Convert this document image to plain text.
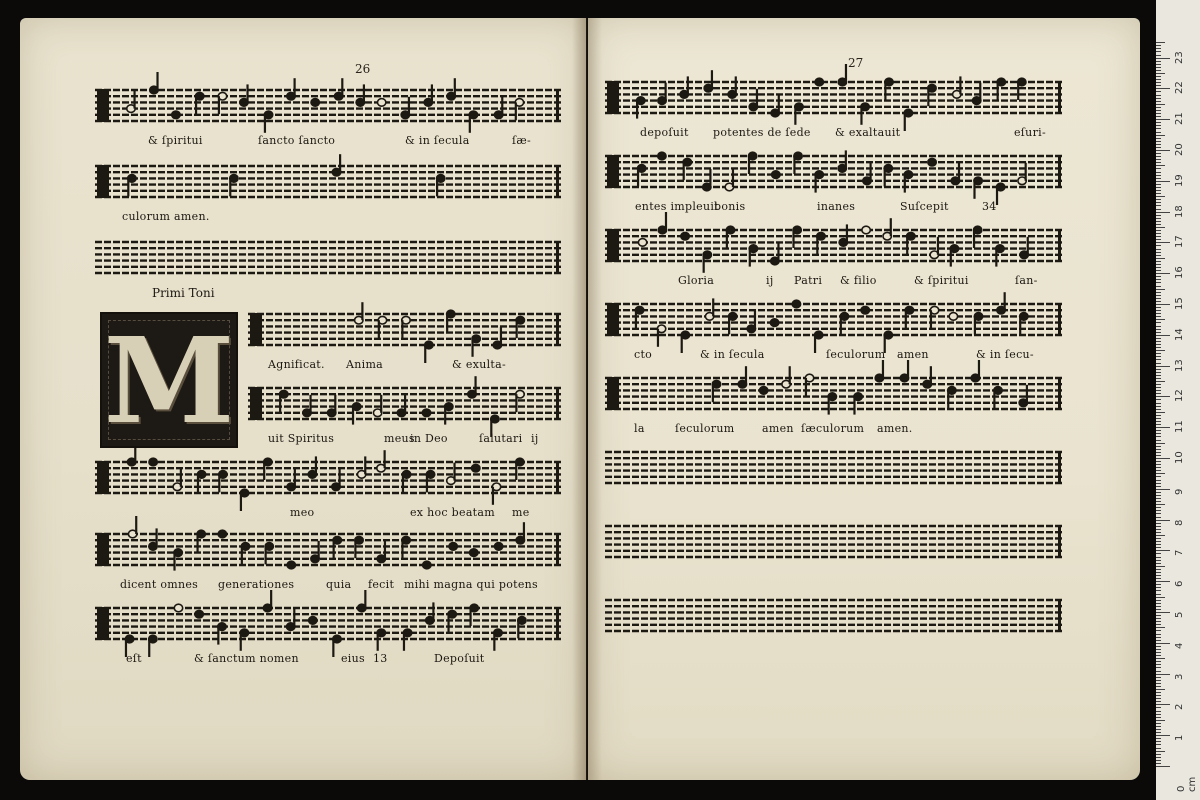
26	27
& ſpiritui	ſancto ſancto	& in ſecula	ſæ-
culorum amen.
Agnificat. Anima	& exulta-
uit Spiritus	meus
in Deo	ſalutari ij
meo	ex hoc beatam me
dicent omnes generationes	quia fecit mihi magna qui potens
eſt	& ſanctum nomen	eius 13	Depoſuit
depoſuit potentes de ſede & exaltauit	eſuri-
entes impleuit
bonis	inanes	Suſcepit	34
Gloria	ij Patri & filio	& ſpiritui	ſan-
cto	& in ſecula	ſeculorum amen	& in ſecu-
la	ſeculorum	amen ſæculorum amen.
Primi Toni
M
0 cm
1
2
3
4
5
6
7
8
9
10
11
12
13
14
15
16
17
18
19
20
21
22
23
